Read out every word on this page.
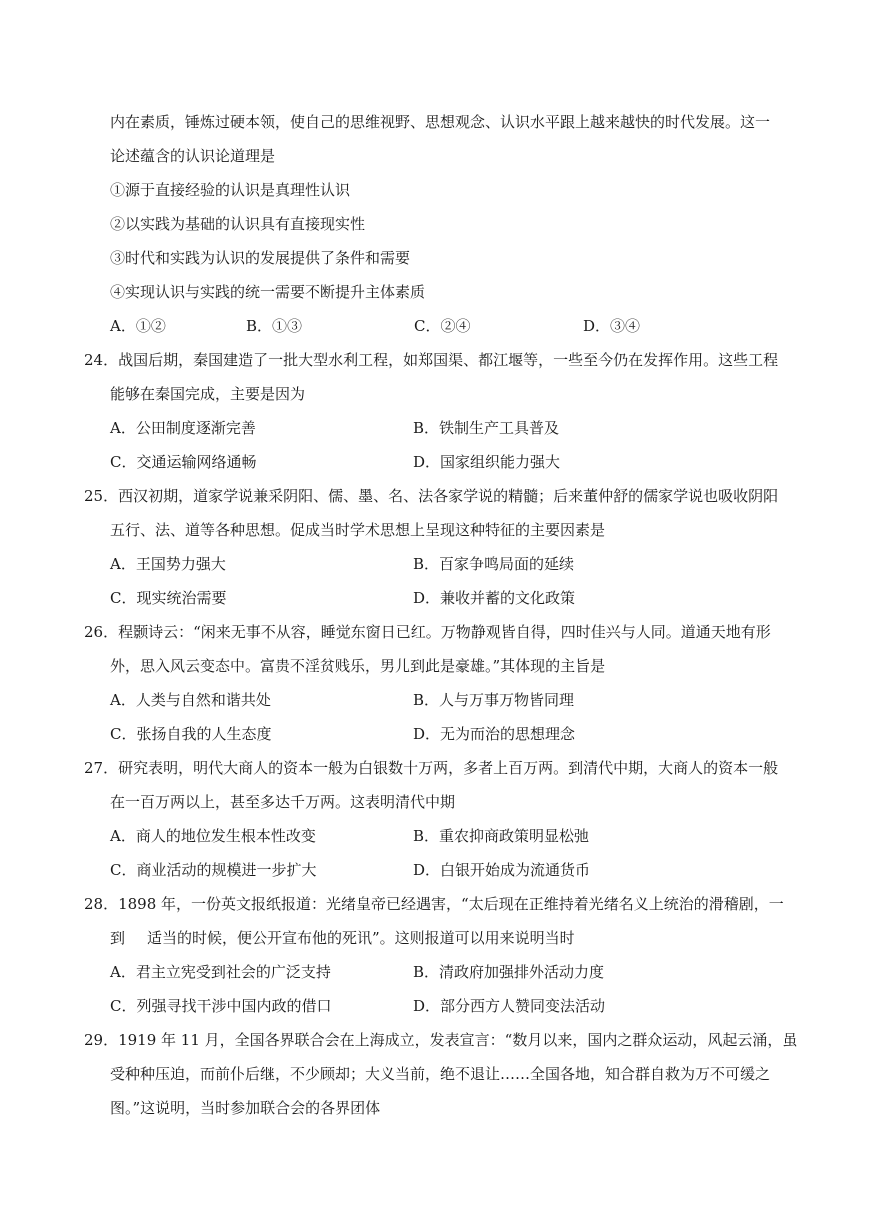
内在素质，锤炼过硬本领，使自己的思维视野、思想观念、认识水平跟上越来越快的时代发展。这一
论述蕴含的认识论道理是
①源于直接经验的认识是真理性认识
②以实践为基础的认识具有直接现实性
③时代和实践为认识的发展提供了条件和需要
④实现认识与实践的统一需要不断提升主体素质
A．①②	B．①③	C．②④	D．③④
24．战国后期，秦国建造了一批大型水利工程，如郑国渠、都江堰等，一些至今仍在发挥作用。这些工程
能够在秦国完成，主要是因为
A．公田制度逐渐完善	B．铁制生产工具普及
C．交通运输网络通畅	D．国家组织能力强大
25．西汉初期，道家学说兼采阴阳、儒、墨、名、法各家学说的精髓；后来董仲舒的儒家学说也吸收阴阳
五行、法、道等各种思想。促成当时学术思想上呈现这种特征的主要因素是
A．王国势力强大	B．百家争鸣局面的延续
C．现实统治需要	D．兼收并蓄的文化政策
26．程颢诗云：“闲来无事不从容，睡觉东窗日已红。万物静观皆自得，四时佳兴与人同。道通天地有形
外，思入风云变态中。富贵不淫贫贱乐，男儿到此是豪雄。”其体现的主旨是
A．人类与自然和谐共处	B．人与万事万物皆同理
C．张扬自我的人生态度	D．无为而治的思想理念
27．研究表明，明代大商人的资本一般为白银数十万两，多者上百万两。到清代中期，大商人的资本一般
在一百万两以上，甚至多达千万两。这表明清代中期
A．商人的地位发生根本性改变	B．重农抑商政策明显松弛
C．商业活动的规模进一步扩大	D．白银开始成为流通货币
28．1898 年，一份英文报纸报道：光绪皇帝已经遇害，“太后现在正维持着光绪名义上统治的滑稽剧，一
到 适当的时候，便公开宣布他的死讯”。这则报道可以用来说明当时
A．君主立宪受到社会的广泛支持	B．清政府加强排外活动力度
C．列强寻找干涉中国内政的借口	D．部分西方人赞同变法活动
29．1919 年 11 月，全国各界联合会在上海成立，发表宣言：“数月以来，国内之群众运动，风起云涌，虽
受种种压迫，而前仆后继，不少顾却；大义当前，绝不退让……全国各地，知合群自救为万不可缓之
图。”这说明，当时参加联合会的各界团体
